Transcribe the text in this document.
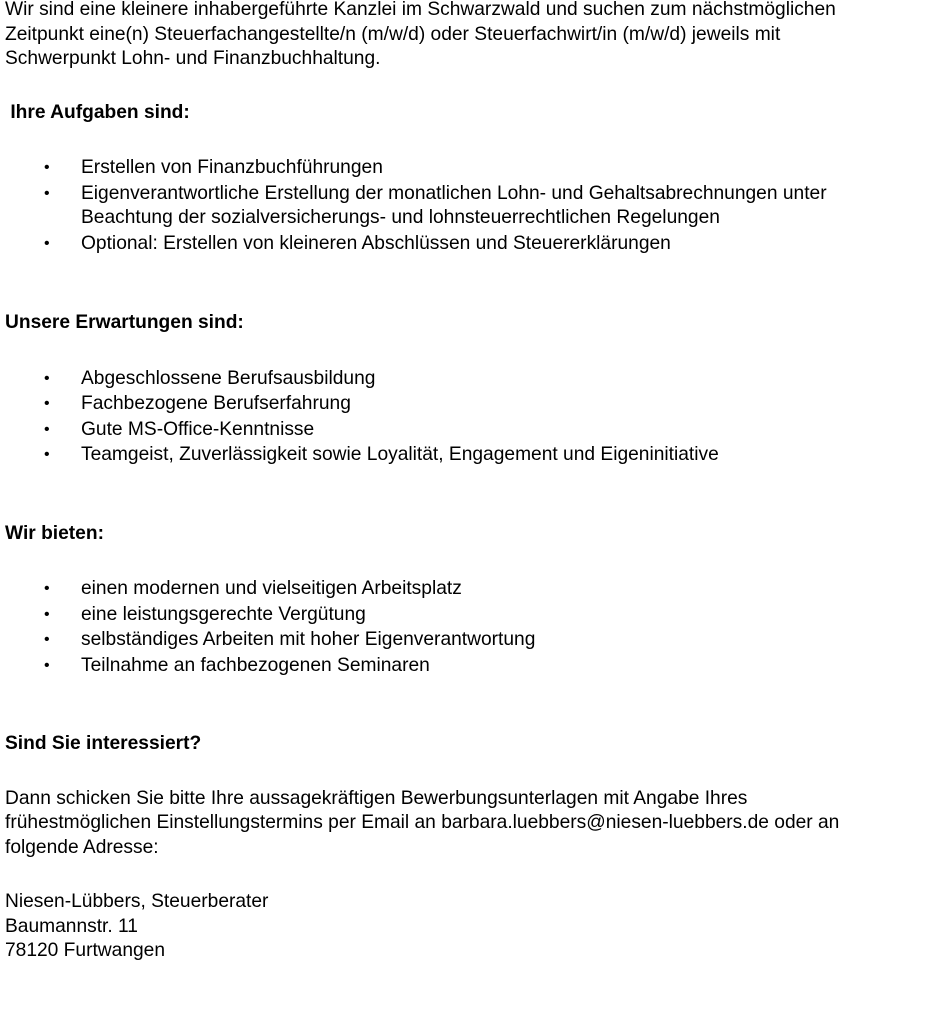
Wir sind eine kleinere inhabergeführte Kanzlei im Schwarzwald und suchen zum nächstmöglichen
Zeitpunkt eine(n) Steuerfachangestellte/n (m/w/d) oder Steuerfachwirt/in (m/w/d) jeweils mit
Schwerpunkt Lohn- und Finanzbuchhaltung.

Ihre Aufgaben sind:
• Erstellen von Finanzbuchführungen
• Eigenverantwortliche Erstellung der monatlichen Lohn- und Gehaltsabrechnungen unter
Beachtung der sozialversicherungs- und lohnsteuerrechtlichen Regelungen
• Optional: Erstellen von kleineren Abschlüssen und Steuererklärungen
Unsere Erwartungen sind:
• Abgeschlossene Berufsausbildung
• Fachbezogene Berufserfahrung
• Gute MS-Office-Kenntnisse
• Teamgeist, Zuverlässigkeit sowie Loyalität, Engagement und Eigeninitiative
Wir bieten:
• einen modernen und vielseitigen Arbeitsplatz
• eine leistungsgerechte Vergütung
• selbständiges Arbeiten mit hoher Eigenverantwortung
• Teilnahme an fachbezogenen Seminaren
Sind Sie interessiert?

Dann schicken Sie bitte Ihre aussagekräftigen Bewerbungsunterlagen mit Angabe Ihres
frühestmöglichen Einstellungstermins per Email an barbara.luebbers@niesen-luebbers.de oder an
folgende Adresse:

Niesen-Lübbers, Steuerberater
Baumannstr. 11
78120 Furtwangen
